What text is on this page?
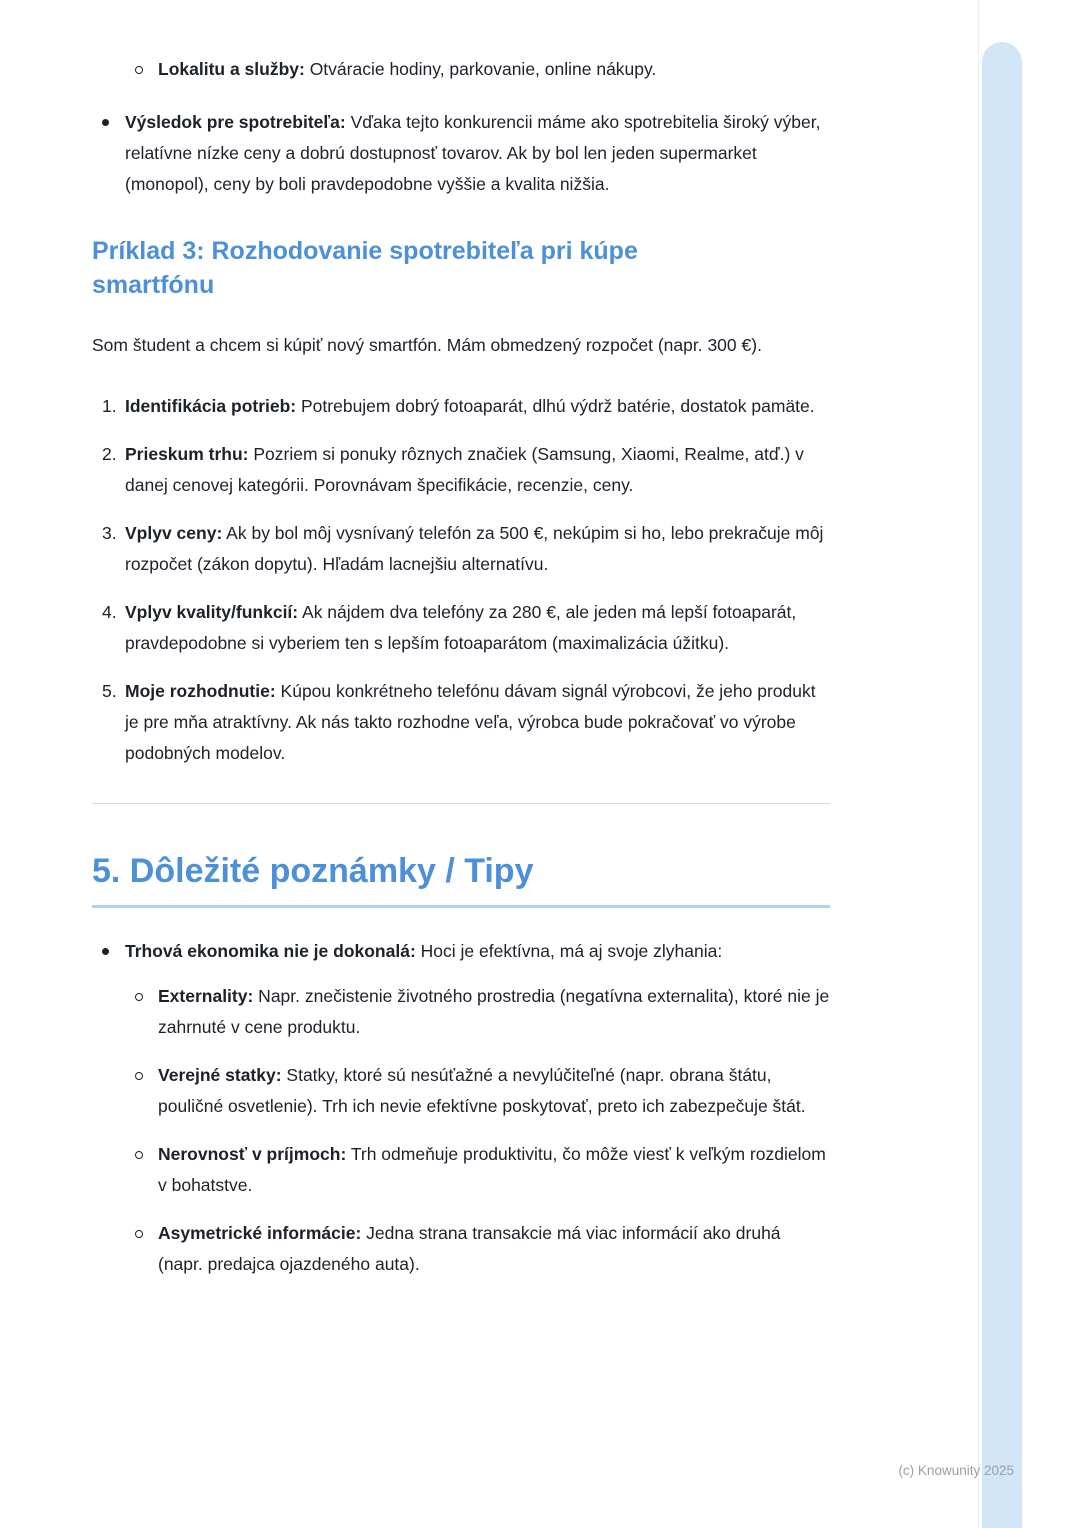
Lokalitu a služby: Otváracie hodiny, parkovanie, online nákupy.
Výsledok pre spotrebiteľa: Vďaka tejto konkurencii máme ako spotrebitelia široký výber, relatívne nízke ceny a dobrú dostupnosť tovarov. Ak by bol len jeden supermarket (monopol), ceny by boli pravdepodobne vyššie a kvalita nižšia.
Príklad 3: Rozhodovanie spotrebiteľa pri kúpe smartfónu

Som študent a chcem si kúpiť nový smartfón. Mám obmedzený rozpočet (napr. 300 €).

1. Identifikácia potrieb: Potrebujem dobrý fotoaparát, dlhú výdrž batérie, dostatok pamäte.
2. Prieskum trhu: Pozriem si ponuky rôznych značiek (Samsung, Xiaomi, Realme, atď.) v danej cenovej kategórii. Porovnávam špecifikácie, recenzie, ceny.
3. Vplyv ceny: Ak by bol môj vysnívaný telefón za 500 €, nekúpim si ho, lebo prekračuje môj rozpočet (zákon dopytu). Hľadám lacnejšiu alternatívu.
4. Vplyv kvality/funkcií: Ak nájdem dva telefóny za 280 €, ale jeden má lepší fotoaparát, pravdepodobne si vyberiem ten s lepším fotoaparátom (maximalizácia úžitku).
5. Moje rozhodnutie: Kúpou konkrétneho telefónu dávam signál výrobcovi, že jeho produkt je pre mňa atraktívny. Ak nás takto rozhodne veľa, výrobca bude pokračovať vo výrobe podobných modelov.
5. Dôležité poznámky / Tipy
Trhová ekonomika nie je dokonalá: Hoci je efektívna, má aj svoje zlyhania:
Externality: Napr. znečistenie životného prostredia (negatívna externalita), ktoré nie je zahrnuté v cene produktu.
Verejné statky: Statky, ktoré sú nesúťažné a nevylúčiteľné (napr. obrana štátu, pouličné osvetlenie). Trh ich nevie efektívne poskytovať, preto ich zabezpečuje štát.
Nerovnosť v príjmoch: Trh odmeňuje produktivitu, čo môže viesť k veľkým rozdielom v bohatstve.
Asymetrické informácie: Jedna strana transakcie má viac informácií ako druhá (napr. predajca ojazdeného auta).
(c) Knowunity 2025
